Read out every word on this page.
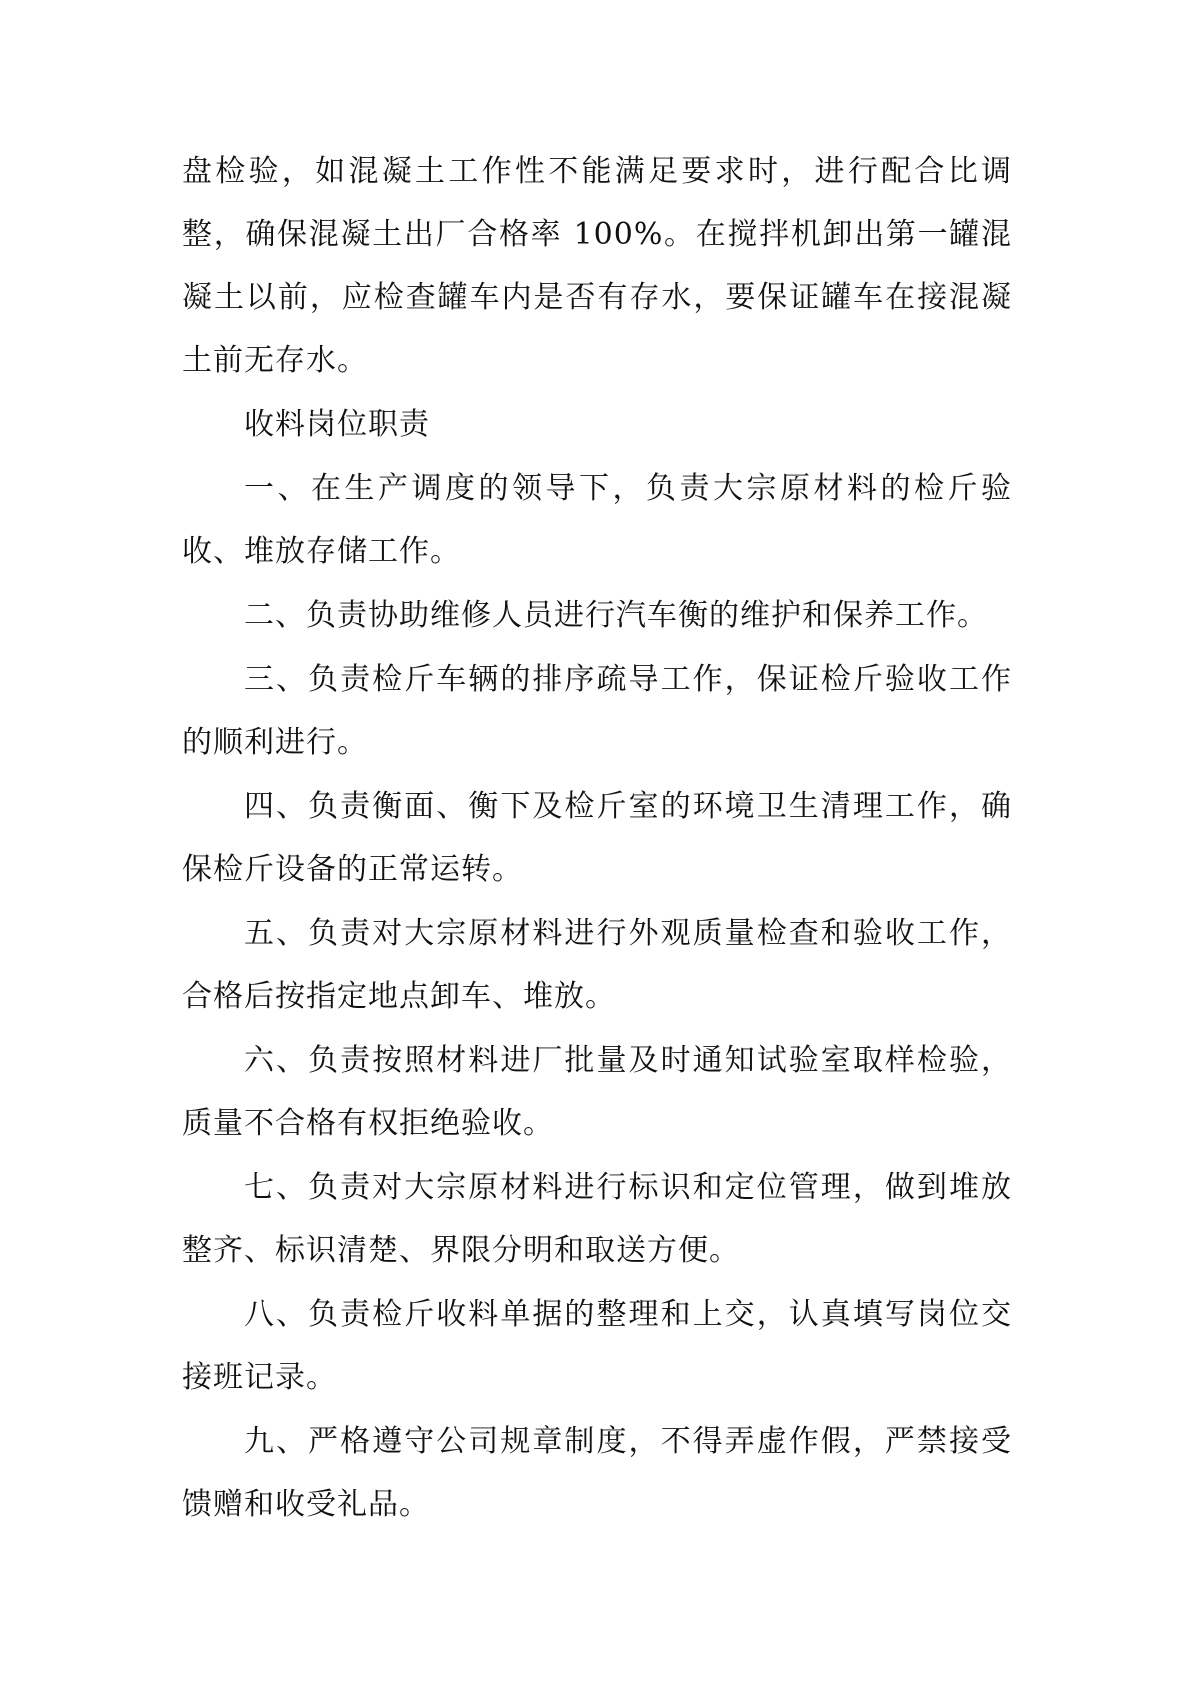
盘检验，如混凝土工作性不能满足要求时，进行配合比调整，确保混凝土出厂合格率 100%。在搅拌机卸出第一罐混凝土以前，应检查罐车内是否有存水，要保证罐车在接混凝土前无存水。

收料岗位职责

一、在生产调度的领导下，负责大宗原材料的检斤验收、堆放存储工作。

二、负责协助维修人员进行汽车衡的维护和保养工作。

三、负责检斤车辆的排序疏导工作，保证检斤验收工作的顺利进行。

四、负责衡面、衡下及检斤室的环境卫生清理工作，确保检斤设备的正常运转。

五、负责对大宗原材料进行外观质量检查和验收工作，合格后按指定地点卸车、堆放。

六、负责按照材料进厂批量及时通知试验室取样检验，质量不合格有权拒绝验收。

七、负责对大宗原材料进行标识和定位管理，做到堆放整齐、标识清楚、界限分明和取送方便。

八、负责检斤收料单据的整理和上交，认真填写岗位交接班记录。

九、严格遵守公司规章制度，不得弄虚作假，严禁接受馈赠和收受礼品。
